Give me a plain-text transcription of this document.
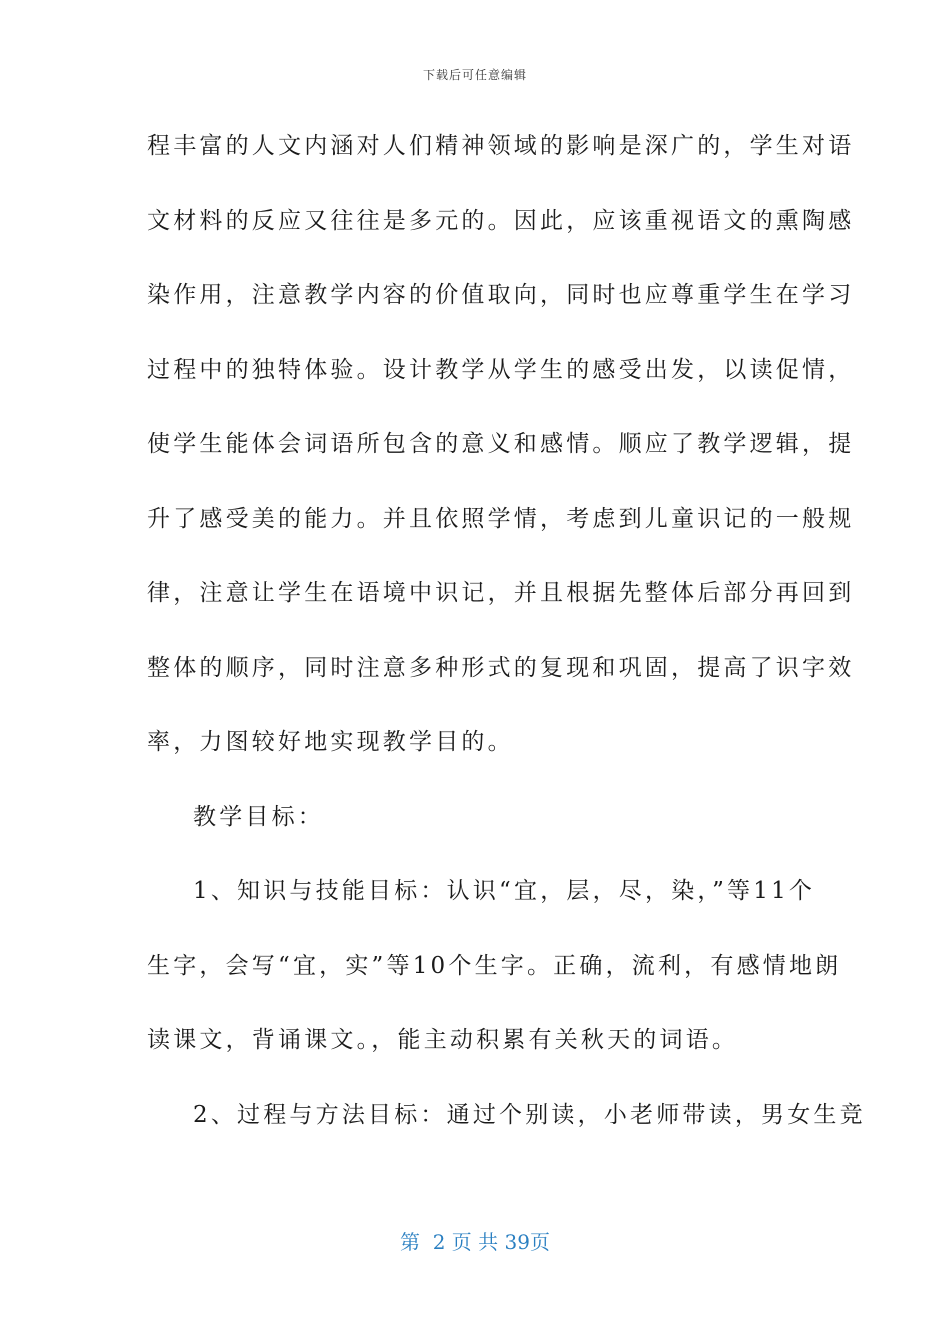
下载后可任意编辑
程丰富的人文内涵对人们精神领域的影响是深广的，学生对语
文材料的反应又往往是多元的。因此，应该重视语文的熏陶感
染作用，注意教学内容的价值取向，同时也应尊重学生在学习
过程中的独特体验。设计教学从学生的感受出发，以读促情，
使学生能体会词语所包含的意义和感情。顺应了教学逻辑，提
升了感受美的能力。并且依照学情，考虑到儿童识记的一般规
律，注意让学生在语境中识记，并且根据先整体后部分再回到
整体的顺序，同时注意多种形式的复现和巩固，提高了识字效
率，力图较好地实现教学目的。
教学目标：
1、知识与技能目标：认识“宜，层，尽，染，”等11个
生字，会写“宜，实”等10个生字。正确，流利，有感情地朗
读课文，背诵课文。，能主动积累有关秋天的词语。
2、过程与方法目标：通过个别读，小老师带读，男女生竞
第  2 页 共 39页
